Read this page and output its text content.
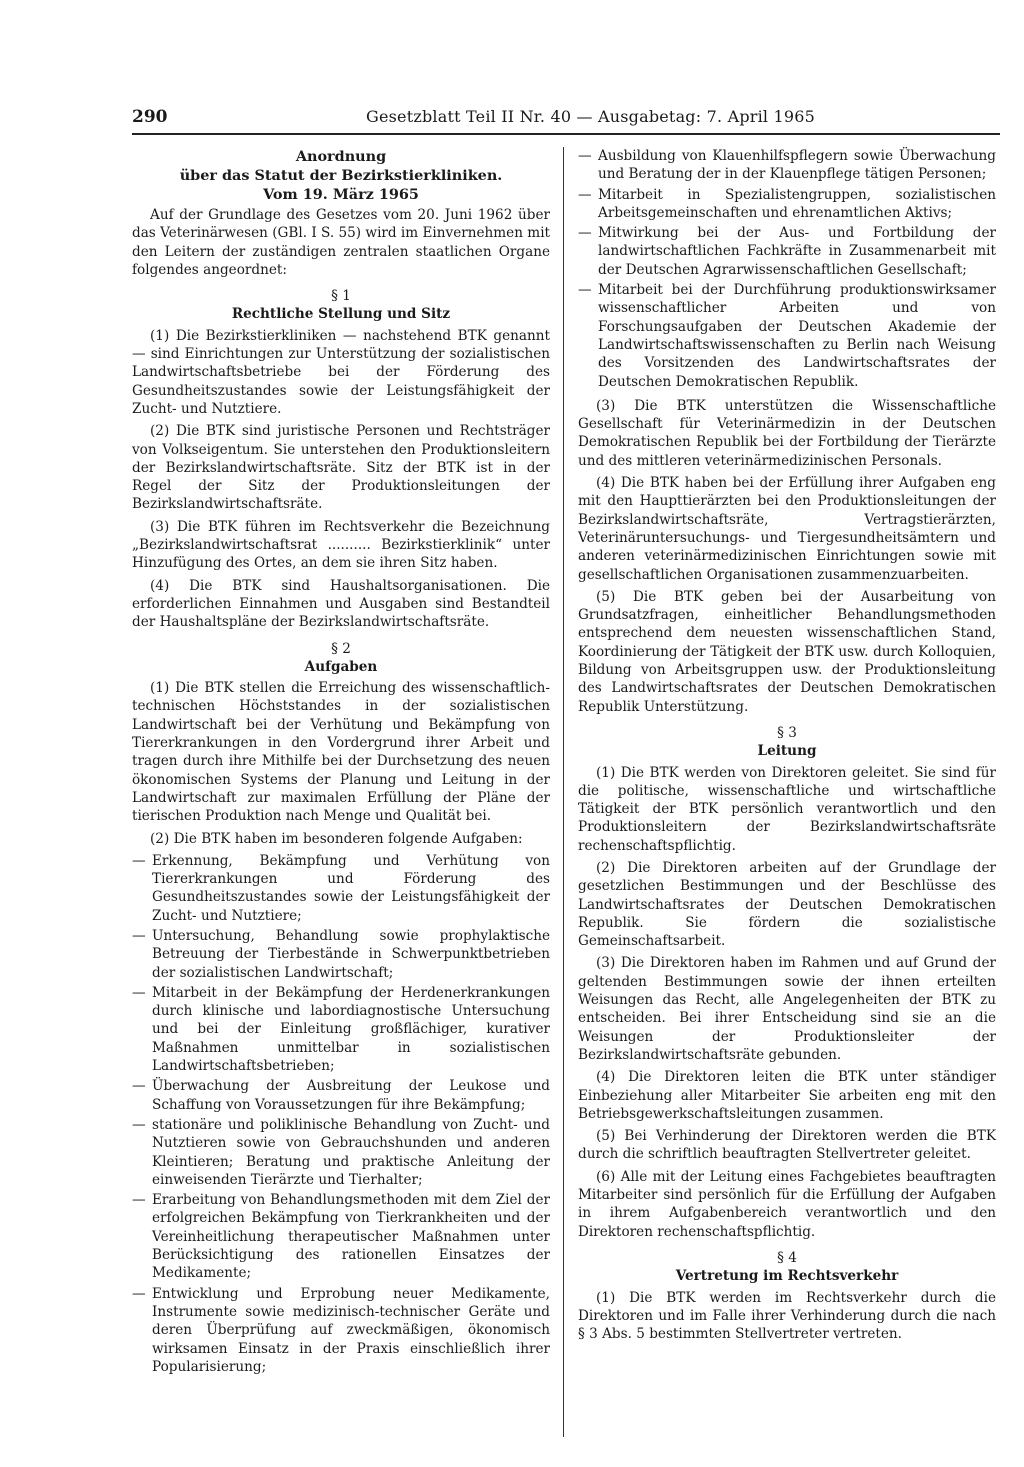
290	Gesetzblatt Teil II Nr. 40 — Ausgabetag: 7. April 1965
Anordnung
über das Statut der Bezirkstierkliniken.
Vom 19. März 1965

Auf der Grundlage des Gesetzes vom 20. Juni 1962 über das Veterinärwesen (GBl. I S. 55) wird im Einvernehmen mit den Leitern der zuständigen zentralen staatlichen Organe folgendes angeordnet:

§ 1
Rechtliche Stellung und Sitz

(1) Die Bezirkstierkliniken — nachstehend BTK genannt — sind Einrichtungen zur Unterstützung der sozialistischen Landwirtschaftsbetriebe bei der Förderung des Gesundheitszustandes sowie der Leistungsfähigkeit der Zucht- und Nutztiere.

(2) Die BTK sind juristische Personen und Rechtsträger von Volkseigentum. Sie unterstehen den Produktionsleitern der Bezirkslandwirtschaftsräte. Sitz der BTK ist in der Regel der Sitz der Produktionsleitungen der Bezirkslandwirtschaftsräte.

(3) Die BTK führen im Rechtsverkehr die Bezeichnung „Bezirkslandwirtschaftsrat .......... Bezirkstierklinik“ unter Hinzufügung des Ortes, an dem sie ihren Sitz haben.

(4) Die BTK sind Haushaltsorganisationen. Die erforderlichen Einnahmen und Ausgaben sind Bestandteil der Haushaltspläne der Bezirkslandwirtschaftsräte.

§ 2
Aufgaben

(1) Die BTK stellen die Erreichung des wissenschaftlich-technischen Höchststandes in der sozialistischen Landwirtschaft bei der Verhütung und Bekämpfung von Tiererkrankungen in den Vordergrund ihrer Arbeit und tragen durch ihre Mithilfe bei der Durchsetzung des neuen ökonomischen Systems der Planung und Leitung in der Landwirtschaft zur maximalen Erfüllung der Pläne der tierischen Produktion nach Menge und Qualität bei.

(2) Die BTK haben im besonderen folgende Aufgaben:

— Erkennung, Bekämpfung und Verhütung von Tiererkrankungen und Förderung des Gesundheitszustandes sowie der Leistungsfähigkeit der Zucht- und Nutztiere;
— Untersuchung, Behandlung sowie prophylaktische Betreuung der Tierbestände in Schwerpunktbetrieben der sozialistischen Landwirtschaft;
— Mitarbeit in der Bekämpfung der Herdenerkrankungen durch klinische und labordiagnostische Untersuchung und bei der Einleitung großflächiger, kurativer Maßnahmen unmittelbar in sozialistischen Landwirtschaftsbetrieben;
— Überwachung der Ausbreitung der Leukose und Schaffung von Voraussetzungen für ihre Bekämpfung;
— stationäre und poliklinische Behandlung von Zucht- und Nutztieren sowie von Gebrauchshunden und anderen Kleintieren; Beratung und praktische Anleitung der einweisenden Tierärzte und Tierhalter;
— Erarbeitung von Behandlungsmethoden mit dem Ziel der erfolgreichen Bekämpfung von Tierkrankheiten und der Vereinheitlichung therapeutischer Maßnahmen unter Berücksichtigung des rationellen Einsatzes der Medikamente;
— Entwicklung und Erprobung neuer Medikamente, Instrumente sowie medizinisch-technischer Geräte und deren Überprüfung auf zweckmäßigen, ökonomisch wirksamen Einsatz in der Praxis einschließlich ihrer Popularisierung;
— Ausbildung von Klauenhilfspflegern sowie Überwachung und Beratung der in der Klauenpflege tätigen Personen;
— Mitarbeit in Spezialistengruppen, sozialistischen Arbeitsgemeinschaften und ehrenamtlichen Aktivs;
— Mitwirkung bei der Aus- und Fortbildung der landwirtschaftlichen Fachkräfte in Zusammenarbeit mit der Deutschen Agrarwissenschaftlichen Gesellschaft;
— Mitarbeit bei der Durchführung produktionswirksamer wissenschaftlicher Arbeiten und von Forschungsaufgaben der Deutschen Akademie der Landwirtschaftswissenschaften zu Berlin nach Weisung des Vorsitzenden des Landwirtschaftsrates der Deutschen Demokratischen Republik.

(3) Die BTK unterstützen die Wissenschaftliche Gesellschaft für Veterinärmedizin in der Deutschen Demokratischen Republik bei der Fortbildung der Tierärzte und des mittleren veterinärmedizinischen Personals.

(4) Die BTK haben bei der Erfüllung ihrer Aufgaben eng mit den Haupttierärzten bei den Produktionsleitungen der Bezirkslandwirtschaftsräte, Vertragstierärzten, Veterinäruntersuchungs- und Tiergesundheitsämtern und anderen veterinärmedizinischen Einrichtungen sowie mit gesellschaftlichen Organisationen zusammenzuarbeiten.

(5) Die BTK geben bei der Ausarbeitung von Grundsatzfragen, einheitlicher Behandlungsmethoden entsprechend dem neuesten wissenschaftlichen Stand, Koordinierung der Tätigkeit der BTK usw. durch Kolloquien, Bildung von Arbeitsgruppen usw. der Produktionsleitung des Landwirtschaftsrates der Deutschen Demokratischen Republik Unterstützung.

§ 3
Leitung

(1) Die BTK werden von Direktoren geleitet. Sie sind für die politische, wissenschaftliche und wirtschaftliche Tätigkeit der BTK persönlich verantwortlich und den Produktionsleitern der Bezirkslandwirtschaftsräte rechenschaftspflichtig.

(2) Die Direktoren arbeiten auf der Grundlage der gesetzlichen Bestimmungen und der Beschlüsse des Landwirtschaftsrates der Deutschen Demokratischen Republik. Sie fördern die sozialistische Gemeinschaftsarbeit.

(3) Die Direktoren haben im Rahmen und auf Grund der geltenden Bestimmungen sowie der ihnen erteilten Weisungen das Recht, alle Angelegenheiten der BTK zu entscheiden. Bei ihrer Entscheidung sind sie an die Weisungen der Produktionsleiter der Bezirkslandwirtschaftsräte gebunden.

(4) Die Direktoren leiten die BTK unter ständiger Einbeziehung aller Mitarbeiter Sie arbeiten eng mit den Betriebsgewerkschaftsleitungen zusammen.

(5) Bei Verhinderung der Direktoren werden die BTK durch die schriftlich beauftragten Stellvertreter geleitet.

(6) Alle mit der Leitung eines Fachgebietes beauftragten Mitarbeiter sind persönlich für die Erfüllung der Aufgaben in ihrem Aufgabenbereich verantwortlich und den Direktoren rechenschaftspflichtig.

§ 4
Vertretung im Rechtsverkehr

(1) Die BTK werden im Rechtsverkehr durch die Direktoren und im Falle ihrer Verhinderung durch die nach § 3 Abs. 5 bestimmten Stellvertreter vertreten.
